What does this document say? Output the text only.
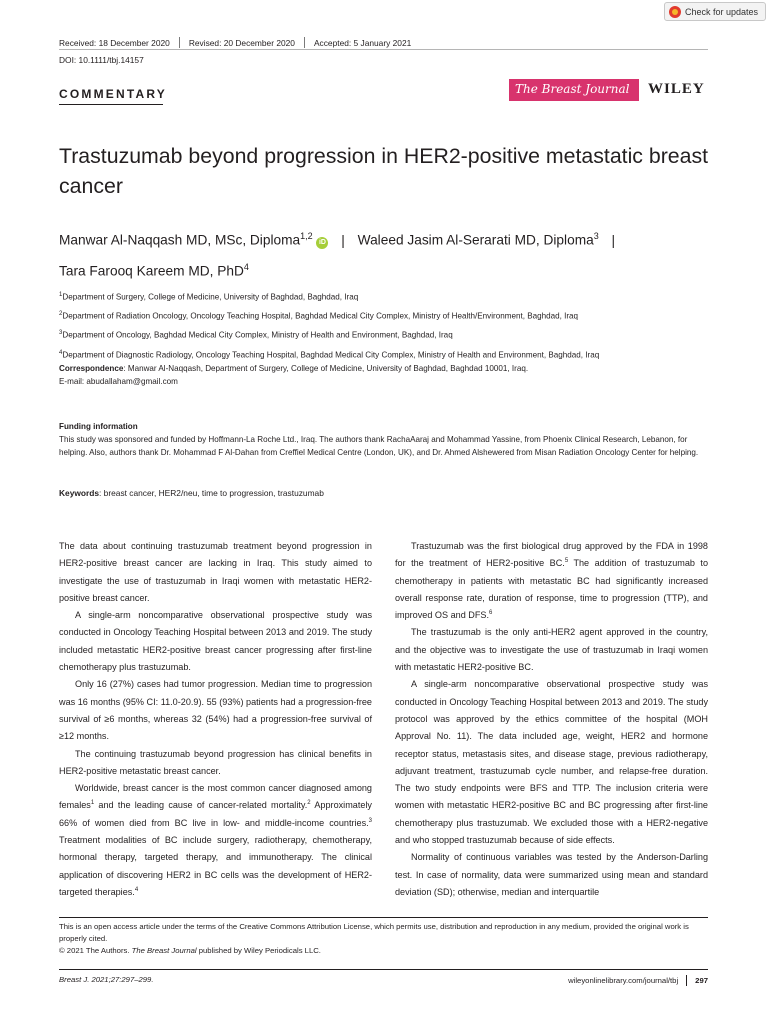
Check for updates
Received: 18 December 2020 Revised: 20 December 2020 Accepted: 5 January 2021
DOI: 10.1111/tbj.14157
COMMENTARY	The Breast Journal	WILEY
Trastuzumab beyond progression in HER2-positive metastatic breast cancer
Manwar Al-Naqqash MD, MSc, Diploma$^{1,2}$ iD | Waleed Jasim Al-Serarati MD, Diploma$^3$ |
Tara Farooq Kareem MD, PhD$^4$
$^1$Department of Surgery, College of Medicine, University of Baghdad, Baghdad, Iraq
$^2$Department of Radiation Oncology, Oncology Teaching Hospital, Baghdad Medical City Complex, Ministry of Health/Environment, Baghdad, Iraq
$^3$Department of Oncology, Baghdad Medical City Complex, Ministry of Health and Environment, Baghdad, Iraq
$^4$Department of Diagnostic Radiology, Oncology Teaching Hospital, Baghdad Medical City Complex, Ministry of Health and Environment, Baghdad, Iraq
Correspondence: Manwar Al-Naqqash, Department of Surgery, College of Medicine, University of Baghdad, Baghdad 10001, Iraq.
E-mail: abudallaham@gmail.com
Funding information
This study was sponsored and funded by Hoffmann-La Roche Ltd., Iraq. The authors thank RachaAaraj and Mohammad Yassine, from Phoenix Clinical Research, Lebanon, for helping. Also, authors thank Dr. Mohammad F Al-Dahan from Creffiel Medical Centre (London, UK), and Dr. Ahmed Alshewered from Misan Radiation Oncology Center for helping.
Keywords: breast cancer, HER2/neu, time to progression, trastuzumab

The data about continuing trastuzumab treatment beyond progression in HER2-positive breast cancer are lacking in Iraq. This study aimed to investigate the use of trastuzumab in Iraqi women with metastatic HER2-positive breast cancer.

A single-arm noncomparative observational prospective study was conducted in Oncology Teaching Hospital between 2013 and 2019. The study included metastatic HER2-positive breast cancer progressing after first-line chemotherapy plus trastuzumab.

Only 16 (27%) cases had tumor progression. Median time to progression was 16 months (95% CI: 11.0-20.9). 55 (93%) patients had a progression-free survival of ≥6 months, whereas 32 (54%) had a progression-free survival of ≥12 months.

The continuing trastuzumab beyond progression has clinical benefits in HER2-positive metastatic breast cancer.

Worldwide, breast cancer is the most common cancer diagnosed among females$^1$ and the leading cause of cancer-related mortality.$^2$ Approximately 66% of women died from BC live in low- and middle-income countries.$^3$ Treatment modalities of BC include surgery, radiotherapy, chemotherapy, hormonal therapy, targeted therapy, and immunotherapy. The clinical application of discovering HER2 in BC cells was the development of HER2-targeted therapies.$^4$

Trastuzumab was the first biological drug approved by the FDA in 1998 for the treatment of HER2-positive BC.$^5$ The addition of trastuzumab to chemotherapy in patients with metastatic BC had significantly increased overall response rate, duration of response, time to progression (TTP), and improved OS and DFS.$^6$

The trastuzumab is the only anti-HER2 agent approved in the country, and the objective was to investigate the use of trastuzumab in Iraqi women with metastatic HER2-positive BC.

A single-arm noncomparative observational prospective study was conducted in Oncology Teaching Hospital between 2013 and 2019. The study protocol was approved by the ethics committee of the hospital (MOH Approval No. 11). The data included age, weight, HER2 and hormone receptor status, metastasis sites, and disease stage, previous radiotherapy, adjuvant treatment, trastuzumab cycle number, and relapse-free duration. The two study endpoints were BFS and TTP. The inclusion criteria were women with metastatic HER2-positive BC and BC progressing after first-line chemotherapy plus trastuzumab. We excluded those with a HER2-negative and who stopped trastuzumab because of side effects.

Normality of continuous variables was tested by the Anderson-Darling test. In case of normality, data were summarized using mean and standard deviation (SD); otherwise, median and interquartile

This is an open access article under the terms of the Creative Commons Attribution License, which permits use, distribution and reproduction in any medium, provided the original work is properly cited.
© 2021 The Authors. The Breast Journal published by Wiley Periodicals LLC.
Breast J. 2021;27:297–299.	wileyonlinelibrary.com/journal/tbj 297
